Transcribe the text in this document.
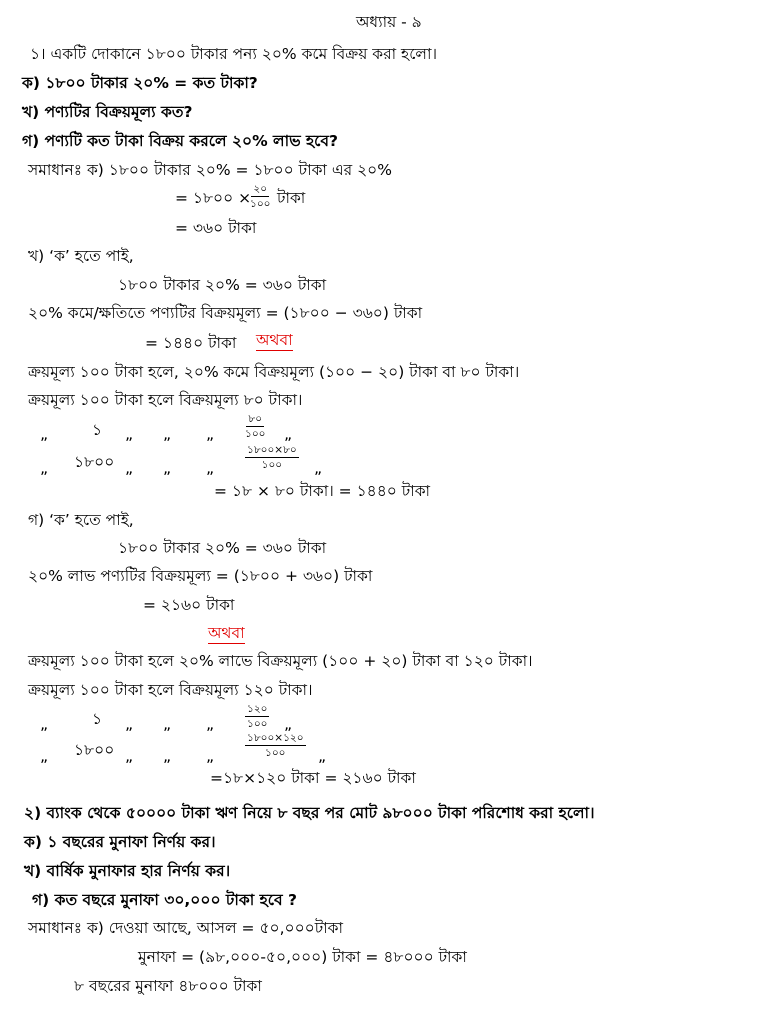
অধ্যায় - ৯
১। একটি দোকানে ১৮০০ টাকার পন্য ২০% কমে বিক্রয় করা হলো।
ক) ১৮০০ টাকার ২০% = কত টাকা?
খ) পণ্যটির বিক্রয়মূল্য কত?
গ) পণ্যটি কত টাকা বিক্রয় করলে ২০% লাভ হবে?
সমাধানঃ ক) ১৮০০ টাকার ২০% = ১৮০০ টাকা এর ২০%
= ১৮০০ × ২০
১০০ টাকা
= ৩৬০ টাকা
খ) ‘ক’ হতে পাই,
১৮০০ টাকার ২০% = ৩৬০ টাকা
২০% কমে/ক্ষতিতে পণ্যটির বিক্রয়মূল্য = (১৮০০ − ৩৬০) টাকা
= ১৪৪০ টাকা অথবা
ক্রয়মূল্য ১০০ টাকা হলে, ২০% কমে বিক্রয়মূল্য (১০০ − ২০) টাকা বা ৮০ টাকা।
ক্রয়মূল্য ১০০ টাকা হলে বিক্রয়মূল্য ৮০ টাকা।
„	১ „ „ „
৮০
১০০ „
„ ১৮০০ „ „ „
১৮০০×৮০
১০০ „
= ১৮ × ৮০ টাকা। = ১৪৪০ টাকা
গ) ‘ক’ হতে পাই,
১৮০০ টাকার ২০% = ৩৬০ টাকা
২০% লাভ পণ্যটির বিক্রয়মূল্য = (১৮০০ + ৩৬০) টাকা
= ২১৬০ টাকা
অথবা
ক্রয়মূল্য ১০০ টাকা হলে ২০% লাভে বিক্রয়মূল্য (১০০ + ২০) টাকা বা ১২০ টাকা।
ক্রয়মূল্য ১০০ টাকা হলে বিক্রয়মূল্য ১২০ টাকা।
„	১ „ „ „
১২০
১০০ „
„ ১৮০০ „ „ „
১৮০০×১২০
১০০ „
=১৮×১২০ টাকা = ২১৬০ টাকা
২) ব্যাংক থেকে ৫০০০০ টাকা ঋণ নিয়ে ৮ বছর পর মোট ৯৮০০০ টাকা পরিশোধ করা হলো।
ক) ১ বছরের মুনাফা নির্ণয় কর।
খ) বার্ষিক মুনাফার হার নির্ণয় কর।
গ) কত বছরে মুনাফা ৩০,০০০ টাকা হবে ?
সমাধানঃ ক) দেওয়া আছে, আসল = ৫০,০০০টাকা
মুনাফা = (৯৮,০০০-৫০,০০০) টাকা = ৪৮০০০ টাকা
৮ বছরের মুনাফা ৪৮০০০ টাকা
